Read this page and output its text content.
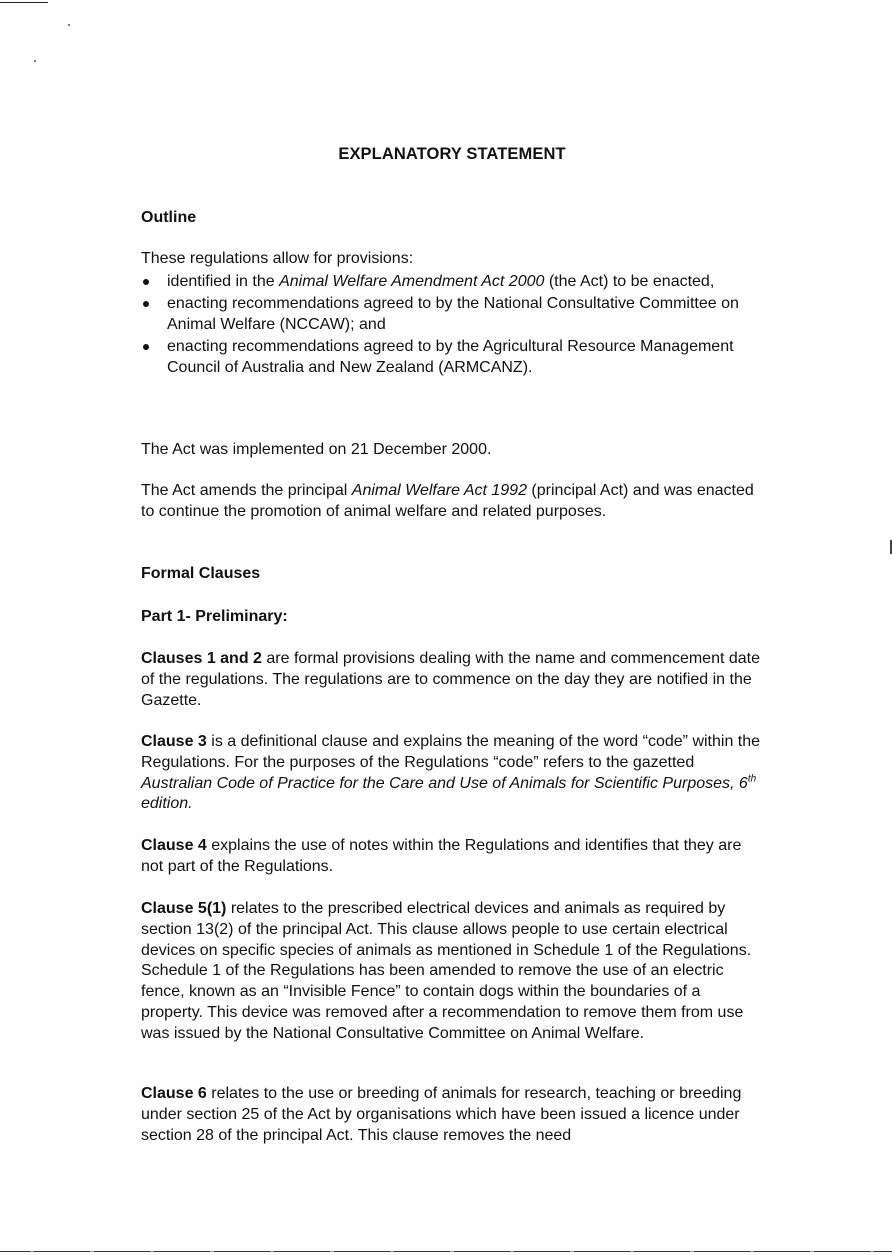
EXPLANATORY STATEMENT
Outline
These regulations allow for provisions:
identified in the Animal Welfare Amendment Act 2000 (the Act) to be enacted,
enacting recommendations agreed to by the National Consultative Committee on Animal Welfare (NCCAW); and
enacting recommendations agreed to by the Agricultural Resource Management Council of Australia and New Zealand (ARMCANZ).
The Act was implemented on 21 December 2000.
The Act amends the principal Animal Welfare Act 1992 (principal Act) and was enacted to continue the promotion of animal welfare and related purposes.
Formal Clauses
Part 1- Preliminary:
Clauses 1 and 2 are formal provisions dealing with the name and commencement date of the regulations. The regulations are to commence on the day they are notified in the Gazette.
Clause 3 is a definitional clause and explains the meaning of the word “code” within the Regulations. For the purposes of the Regulations “code” refers to the gazetted Australian Code of Practice for the Care and Use of Animals for Scientific Purposes, 6th edition.
Clause 4 explains the use of notes within the Regulations and identifies that they are not part of the Regulations.
Clause 5(1) relates to the prescribed electrical devices and animals as required by section 13(2) of the principal Act. This clause allows people to use certain electrical devices on specific species of animals as mentioned in Schedule 1 of the Regulations. Schedule 1 of the Regulations has been amended to remove the use of an electric fence, known as an “Invisible Fence” to contain dogs within the boundaries of a property. This device was removed after a recommendation to remove them from use was issued by the National Consultative Committee on Animal Welfare.
Clause 6 relates to the use or breeding of animals for research, teaching or breeding under section 25 of the Act by organisations which have been issued a licence under section 28 of the principal Act. This clause removes the need
